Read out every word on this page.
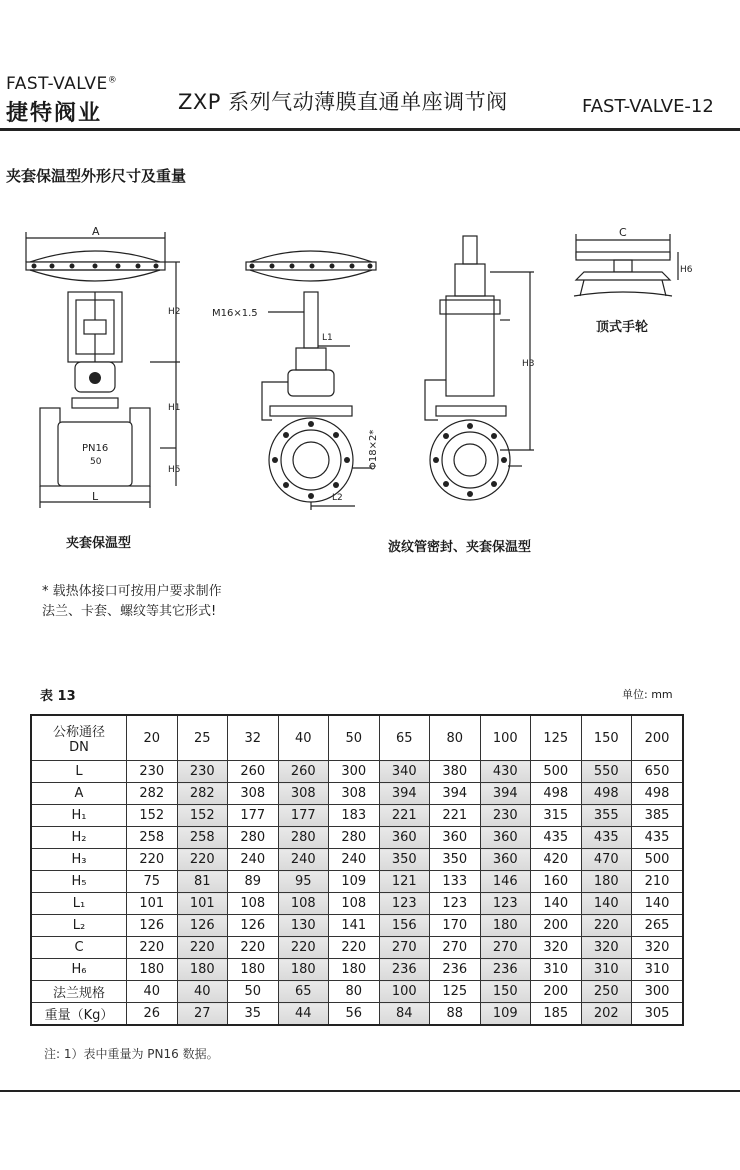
FAST-VALVE®
捷特阀业	ZXP 系列气动薄膜直通单座调节阀	FAST-VALVE-12
夹套保温型外形尺寸及重量
A
PN16
50
L
H2
H1
H5
M16×1.5
L1
L2
Φ18×2*
H3
C
H6
夹套保温型	波纹管密封、夹套保温型
顶式手轮
* 载热体接口可按用户要求制作
法兰、卡套、螺纹等其它形式!
表 13	单位: mm
公称通径
DN	20	25	32	40	50	65	80	100	125	150	200
L	230	230	260	260	300	340	380	430	500	550	650
A	282	282	308	308	308	394	394	394	498	498	498
H₁	152	152	177	177	183	221	221	230	315	355	385
H₂	258	258	280	280	280	360	360	360	435	435	435
H₃	220	220	240	240	240	350	350	360	420	470	500
H₅	75	81	89	95	109	121	133	146	160	180	210
L₁	101	101	108	108	108	123	123	123	140	140	140
L₂	126	126	126	130	141	156	170	180	200	220	265
C	220	220	220	220	220	270	270	270	320	320	320
H₆	180	180	180	180	180	236	236	236	310	310	310
法兰规格	40	40	50	65	80	100	125	150	200	250	300
重量（Kg）	26	27	35	44	56	84	88	109	185	202	305
注: 1）表中重量为 PN16 数据。
